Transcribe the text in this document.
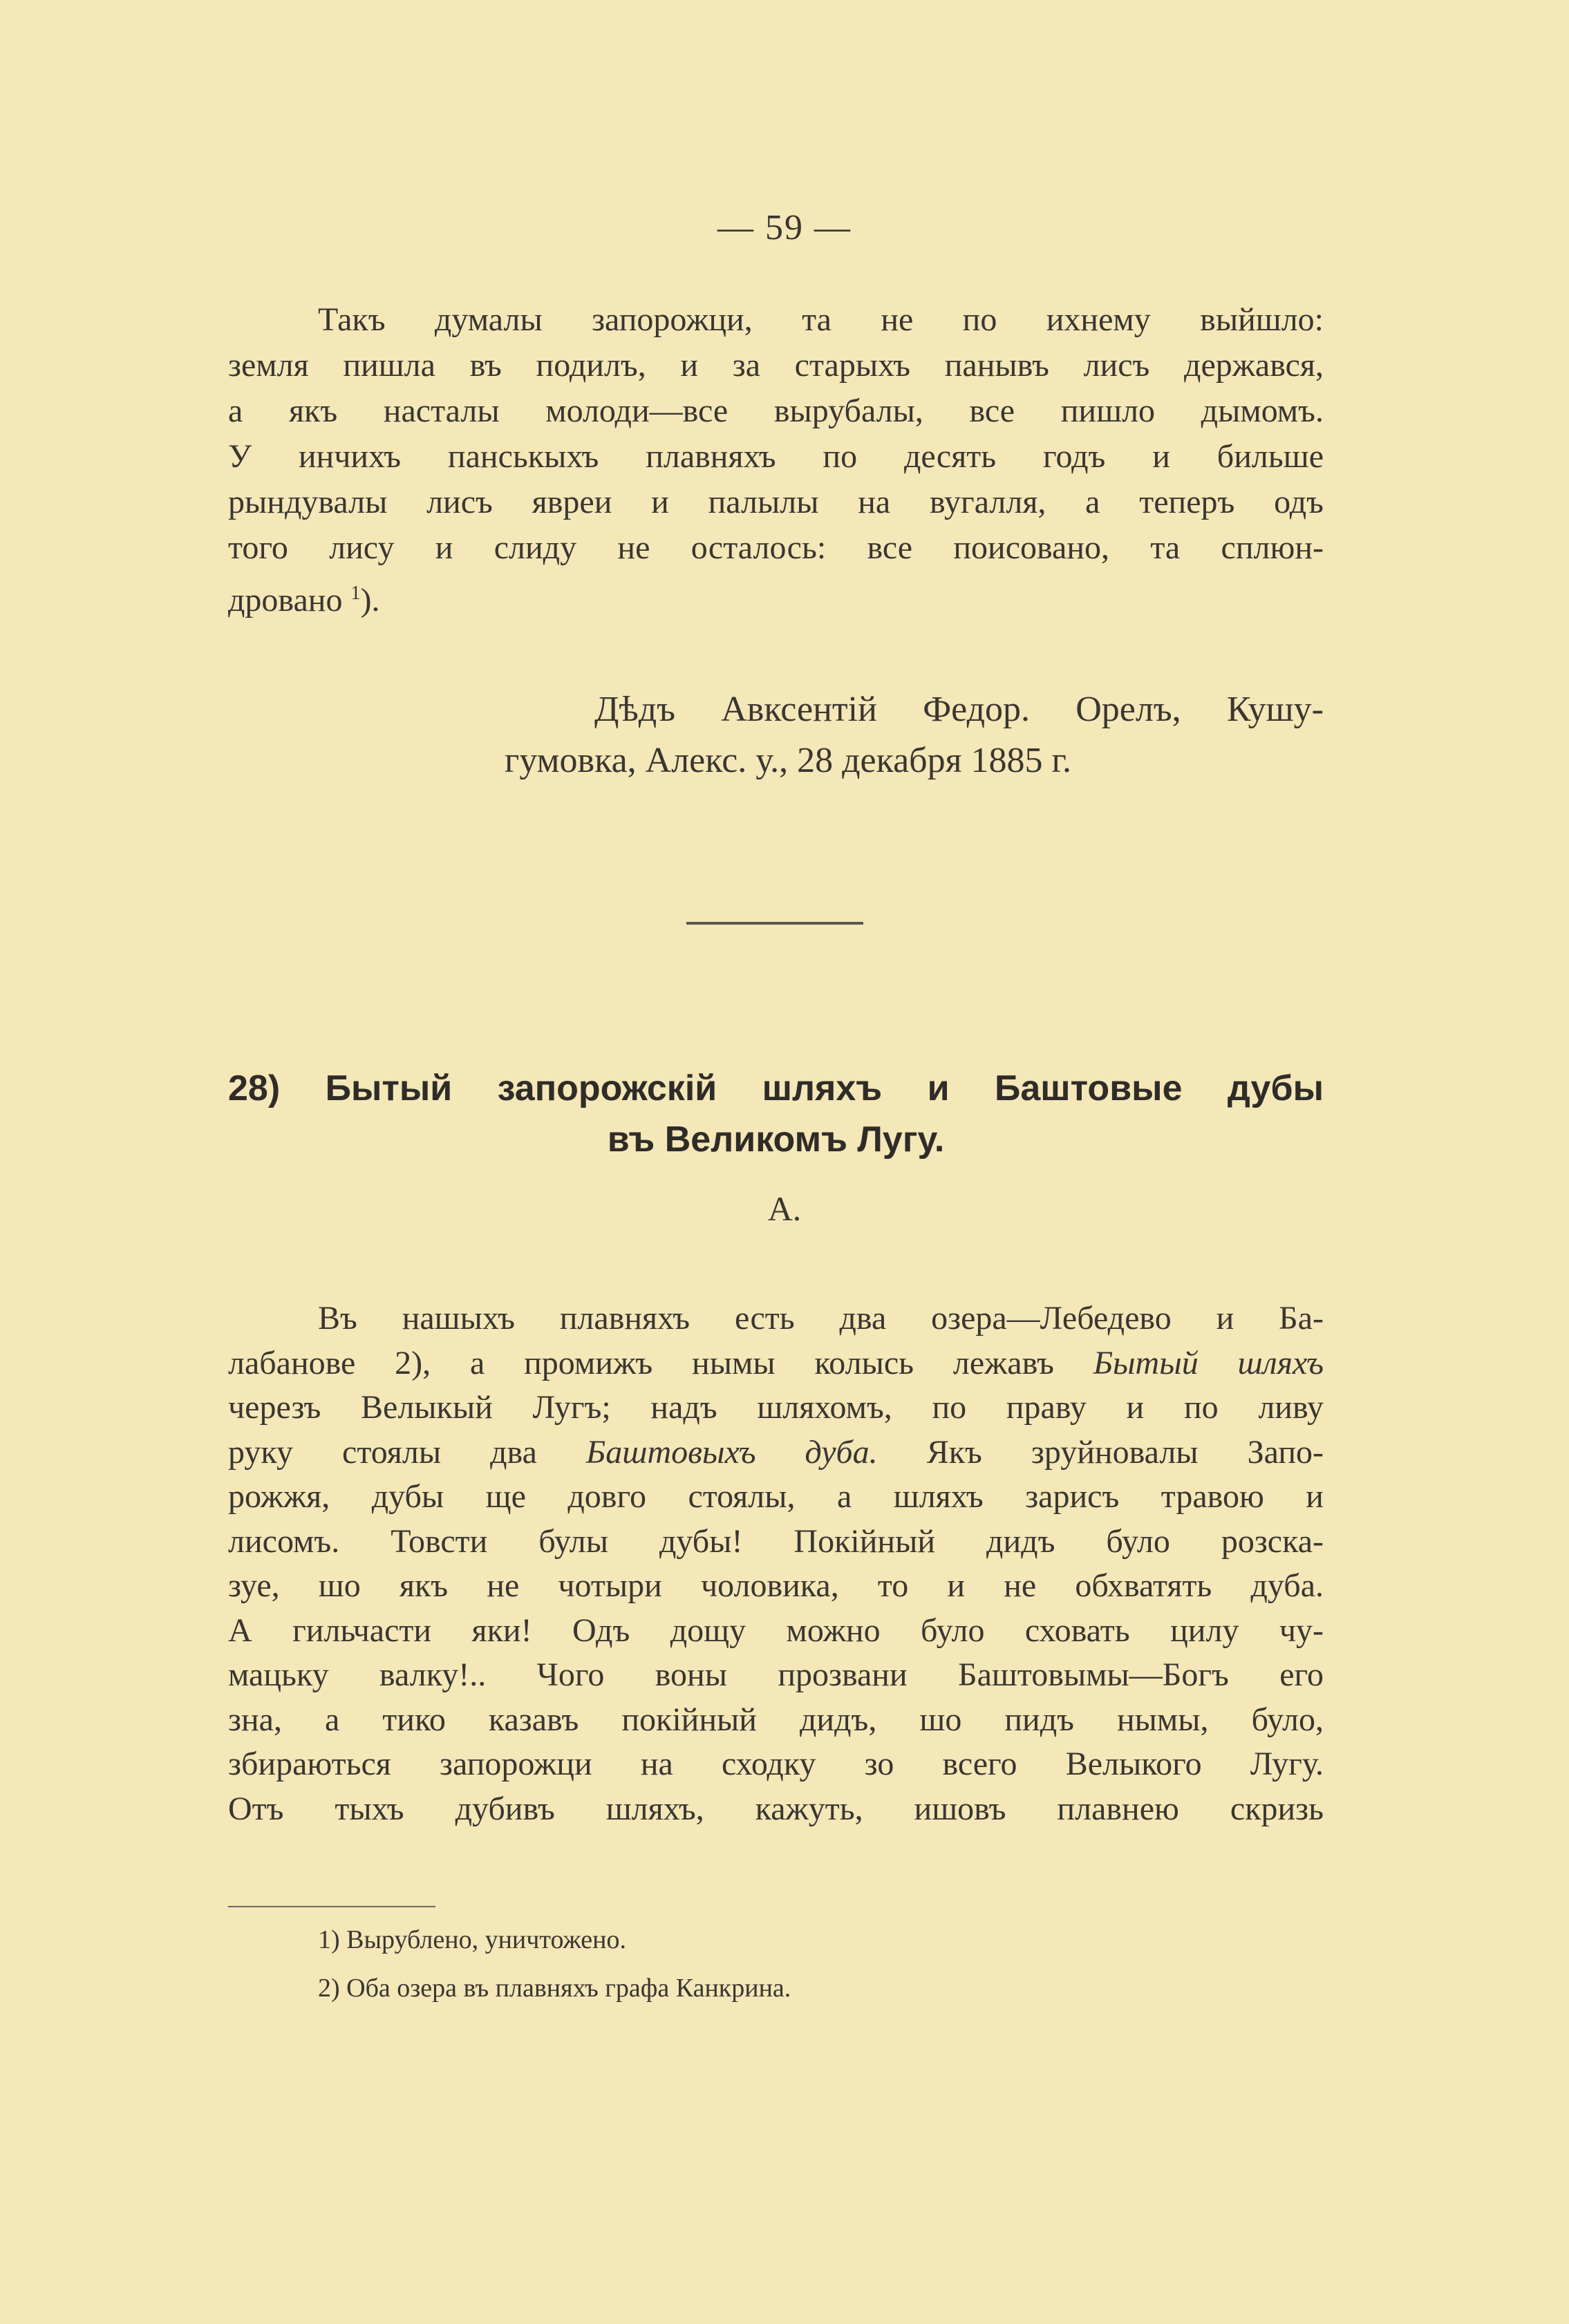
— 59 —
Такъ думалы запорожци, та не по ихнему выйшло:
земля пишла въ подилъ, и за старыхъ панывъ лисъ держався,
а якъ насталы молоди—все вырубалы, все пишло дымомъ.
У инчихъ панськыхъ плавняхъ по десять годъ и бильше
рындувалы лисъ явреи и палылы на вугалля, а теперъ одъ
того лису и слиду не осталось: все поисовано, та сплюн-
дровано $^1$).
Дѣдъ Авксентій Федор. Орелъ, Кушу-
гумовка, Алекс. у., 28 декабря 1885 г.
28) Бытый запорожскій шляхъ и Баштовые дубы
въ Великомъ Лугу.
А.
Въ нашыхъ плавняхъ есть два озера—Лебедево и Ба-
лабанове 2), а промижъ нымы колысь лежавъ Бытый шляхъ
черезъ Велыкый Лугъ; надъ шляхомъ, по праву и по ливу
руку стоялы два Баштовыхъ дуба. Якъ зруйновалы Запо-
рожжя, дубы ще довго стоялы, а шляхъ зарисъ травою и
лисомъ. Товсти булы дубы! Покійный дидъ було розска-
зуе, шо якъ не чотыри чоловика, то и не обхватять дуба.
А гильчасти яки! Одъ дощу можно було сховать цилу чу-
мацьку валку!.. Чого воны прозвани Баштовымы—Богъ его
зна, а тико казавъ покійный дидъ, шо пидъ нымы, було,
збираються запорожци на сходку зо всего Велыкого Лугу.
Отъ тыхъ дубивъ шляхъ, кажуть, ишовъ плавнею скризь
1) Вырублено, уничтожено.
2) Оба озера въ плавняхъ графа Канкрина.
